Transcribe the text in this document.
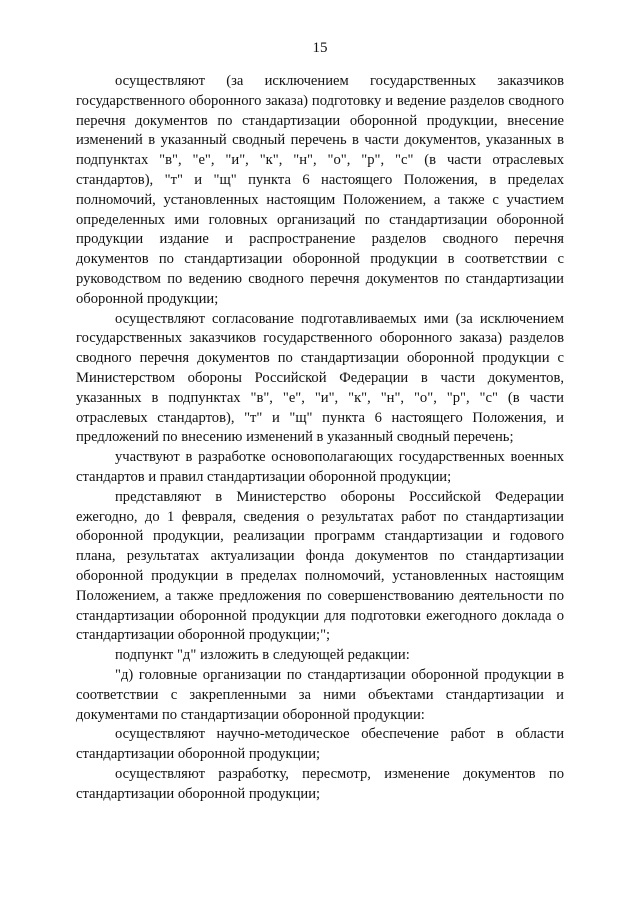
15

осуществляют (за исключением государственных заказчиков государственного оборонного заказа) подготовку и ведение разделов сводного перечня документов по стандартизации оборонной продукции, внесение изменений в указанный сводный перечень в части документов, указанных в подпунктах "в", "е", "и", "к", "н", "о", "р", "с" (в части отраслевых стандартов), "т" и "щ" пункта 6 настоящего Положения, в пределах полномочий, установленных настоящим Положением, а также с участием определенных ими головных организаций по стандартизации оборонной продукции издание и распространение разделов сводного перечня документов по стандартизации оборонной продукции в соответствии с руководством по ведению сводного перечня документов по стандартизации оборонной продукции;

осуществляют согласование подготавливаемых ими (за исключением государственных заказчиков государственного оборонного заказа) разделов сводного перечня документов по стандартизации оборонной продукции с Министерством обороны Российской Федерации в части документов, указанных в подпунктах "в", "е", "и", "к", "н", "о", "р", "с" (в части отраслевых стандартов), "т" и "щ" пункта 6 настоящего Положения, и предложений по внесению изменений в указанный сводный перечень;

участвуют в разработке основополагающих государственных военных стандартов и правил стандартизации оборонной продукции;

представляют в Министерство обороны Российской Федерации ежегодно, до 1 февраля, сведения о результатах работ по стандартизации оборонной продукции, реализации программ стандартизации и годового плана, результатах актуализации фонда документов по стандартизации оборонной продукции в пределах полномочий, установленных настоящим Положением, а также предложения по совершенствованию деятельности по стандартизации оборонной продукции для подготовки ежегодного доклада о стандартизации оборонной продукции;";

подпункт "д" изложить в следующей редакции:

"д) головные организации по стандартизации оборонной продукции в соответствии с закрепленными за ними объектами стандартизации и документами по стандартизации оборонной продукции:

осуществляют научно-методическое обеспечение работ в области стандартизации оборонной продукции;

осуществляют разработку, пересмотр, изменение документов по стандартизации оборонной продукции;
